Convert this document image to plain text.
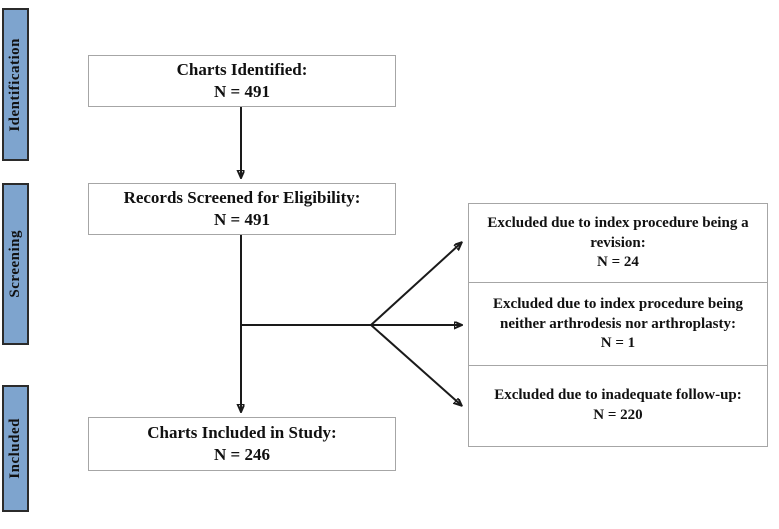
Identification
Screening
Included
Charts Identified:
N = 491
Records Screened for Eligibility:
N = 491
Charts Included in Study:
N = 246
Excluded due to index procedure being a revision:
N = 24
Excluded due to index procedure being neither arthrodesis nor arthroplasty:
N = 1
Excluded due to inadequate follow-up:
N = 220
